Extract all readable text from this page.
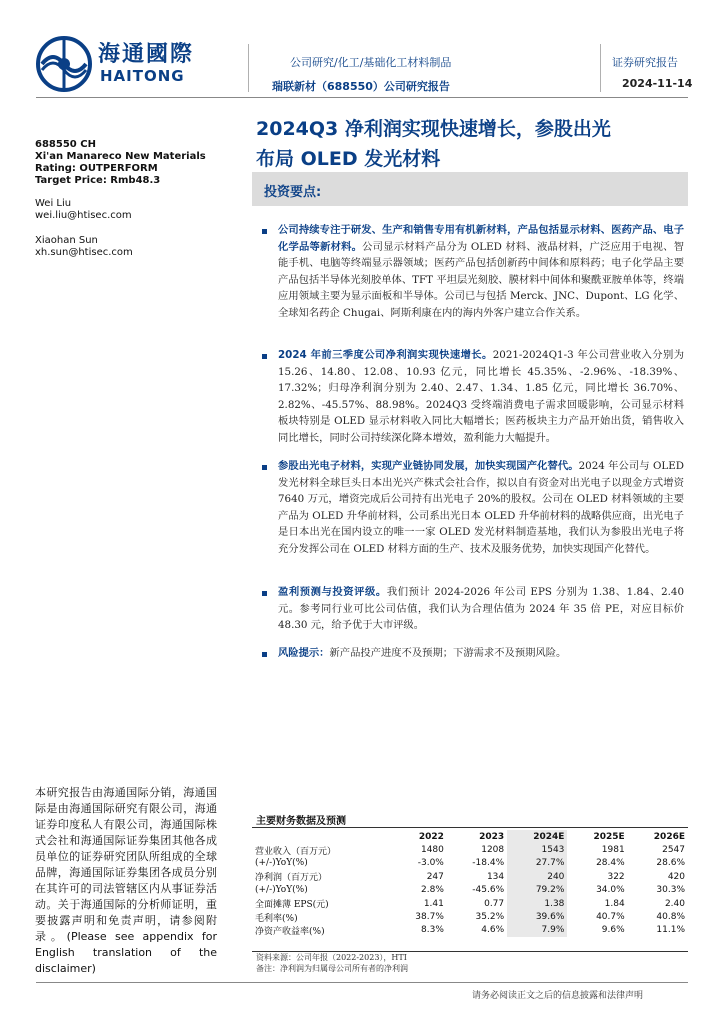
海通國際
HAITONG
公司研究/化工/基础化工材料制品
瑞联新材（688550）公司研究报告
证券研究报告
2024-11-14
688550 CH
Xi'an Manareco New Materials
Rating: OUTPERFORM
Target Price: Rmb48.3
Wei Liu
wei.liu@htisec.com
Xiaohan Sun
xh.sun@htisec.com
2024Q3 净利润实现快速增长，参股出光
布局 OLED 发光材料
投资要点:
公司持续专注于研发、生产和销售专用有机新材料，产品包括显示材料、医药产品、电子化学品等新材料。公司显示材料产品分为 OLED 材料、液晶材料，广泛应用于电视、智能手机、电脑等终端显示器领域；医药产品包括创新药中间体和原料药；电子化学品主要产品包括半导体光刻胶单体、TFT 平坦层光刻胶、膜材料中间体和聚酰亚胺单体等，终端应用领域主要为显示面板和半导体。公司已与包括 Merck、JNC、Dupont、LG 化学、全球知名药企 Chugai、阿斯利康在内的海内外客户建立合作关系。
2024 年前三季度公司净利润实现快速增长。2021-2024Q1-3 年公司营业收入分别为 15.26、14.80、12.08、10.93 亿元，同比增长 45.35%、-2.96%、-18.39%、17.32%；归母净利润分别为 2.40、2.47、1.34、1.85 亿元，同比增长 36.70%、2.82%、-45.57%、88.98%。2024Q3 受终端消费电子需求回暖影响，公司显示材料板块特别是 OLED 显示材料收入同比大幅增长；医药板块主力产品开始出货，销售收入同比增长，同时公司持续深化降本增效，盈利能力大幅提升。
参股出光电子材料，实现产业链协同发展，加快实现国产化替代。2024 年公司与 OLED 发光材料全球巨头日本出光兴产株式会社合作，拟以自有资金对出光电子以现金方式增资 7640 万元，增资完成后公司持有出光电子 20%的股权。公司在 OLED 材料领域的主要产品为 OLED 升华前材料，公司系出光日本 OLED 升华前材料的战略供应商，出光电子是日本出光在国内设立的唯一一家 OLED 发光材料制造基地，我们认为参股出光电子将充分发挥公司在 OLED 材料方面的生产、技术及服务优势，加快实现国产化替代。
盈利预测与投资评级。我们预计 2024-2026 年公司 EPS 分别为 1.38、1.84、2.40 元。参考同行业可比公司估值，我们认为合理估值为 2024 年 35 倍 PE，对应目标价 48.30 元，给予优于大市评级。
风险提示：新产品投产进度不及预期；下游需求不及预期风险。
本研究报告由海通国际分销，海通国际是由海通国际研究有限公司，海通证券印度私人有限公司，海通国际株式会社和海通国际证券集团其他各成员单位的证券研究团队所组成的全球品牌，海通国际证券集团各成员分别在其许可的司法管辖区内从事证券活动。关于海通国际的分析师证明，重要披露声明和免责声明，请参阅附录。(Please see appendix for English translation of the disclaimer)
主要财务数据及预测
	2022	2023	2024E	2025E	2026E
营业收入（百万元）	1480	1208	1543	1981	2547
(+/-)YoY(%)	-3.0%	-18.4%	27.7%	28.4%	28.6%
净利润（百万元）	247	134	240	322	420
(+/-)YoY(%)	2.8%	-45.6%	79.2%	34.0%	30.3%
全面摊薄 EPS(元)	1.41	0.77	1.38	1.84	2.40
毛利率(%)	38.7%	35.2%	39.6%	40.7%	40.8%
净资产收益率(%)	8.3%	4.6%	7.9%	9.6%	11.1%
资料来源：公司年报（2022-2023），HTI
备注：净利润为归属母公司所有者的净利润
请务必阅读正文之后的信息披露和法律声明
